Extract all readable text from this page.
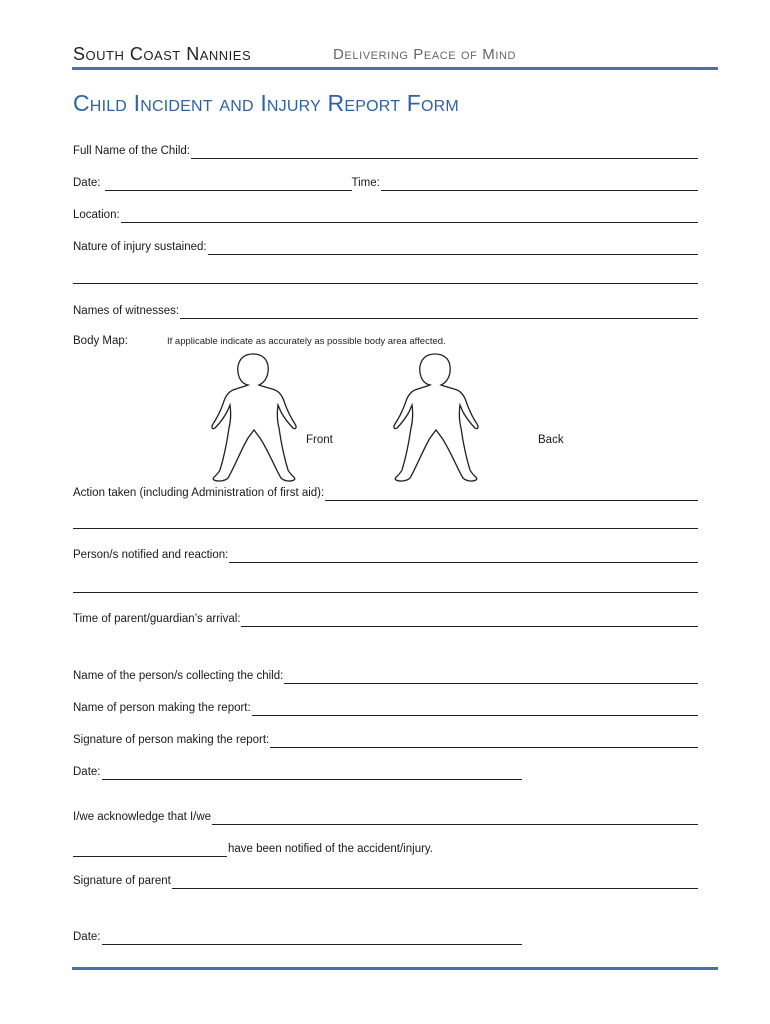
South Coast Nannies	Delivering Peace of Mind
Child Incident and Injury Report Form
Full Name of the Child:
Date:	Time:
Location:
Nature of injury sustained:
Names of witnesses:
Body Map:	If applicable indicate as accurately as possible body area affected.
Front	Back
Action taken (including Administration of first aid):
Person/s notified and reaction:
Time of parent/guardian’s arrival:
Name of the person/s collecting the child:
Name of person making the report:
Signature of person making the report:
Date:
I/we acknowledge that I/we
have been notified of the accident/injury.
Signature of parent
Date:
